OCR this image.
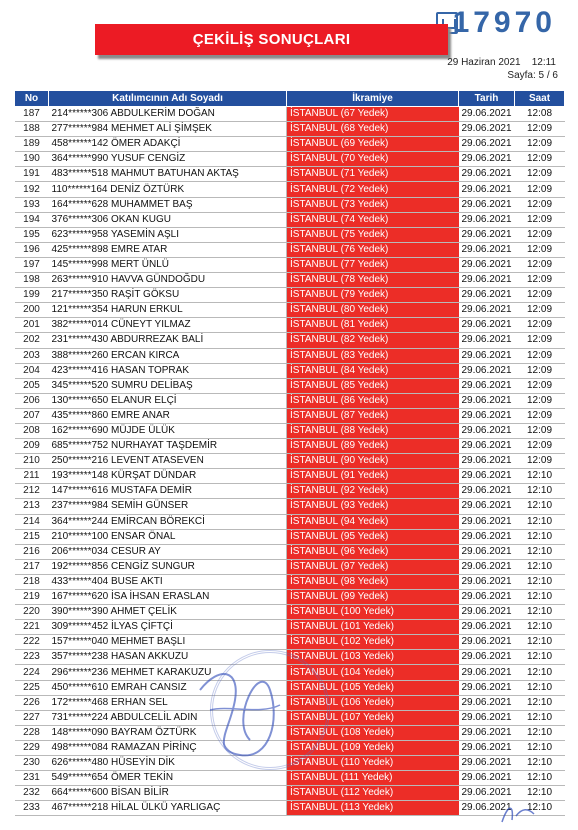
17970
ÇEKİLİŞ SONUÇLARI
29 Haziran 2021 12:11
Sayfa: 5 / 6
No	Katılımcının Adı Soyadı	İkramiye	Tarih	Saat
187	214******306 ABDULKERİM DOĞAN	İSTANBUL (67 Yedek)	29.06.2021	12:08
188	277******984 MEHMET ALİ ŞİMŞEK	İSTANBUL (68 Yedek)	29.06.2021	12:09
189	458******142 ÖMER ADAKÇİ	İSTANBUL (69 Yedek)	29.06.2021	12:09
190	364******990 YUSUF CENGİZ	İSTANBUL (70 Yedek)	29.06.2021	12:09
191	483******518 MAHMUT BATUHAN AKTAŞ	İSTANBUL (71 Yedek)	29.06.2021	12:09
192	110******164 DENİZ ÖZTÜRK	İSTANBUL (72 Yedek)	29.06.2021	12:09
193	164******628 MUHAMMET BAŞ	İSTANBUL (73 Yedek)	29.06.2021	12:09
194	376******306 OKAN KUGU	İSTANBUL (74 Yedek)	29.06.2021	12:09
195	623******958 YASEMİN AŞLI	İSTANBUL (75 Yedek)	29.06.2021	12:09
196	425******898 EMRE ATAR	İSTANBUL (76 Yedek)	29.06.2021	12:09
197	145******998 MERT ÜNLÜ	İSTANBUL (77 Yedek)	29.06.2021	12:09
198	263******910 HAVVA GÜNDOĞDU	İSTANBUL (78 Yedek)	29.06.2021	12:09
199	217******350 RAŞİT GÖKSU	İSTANBUL (79 Yedek)	29.06.2021	12:09
200	121******354 HARUN ERKUL	İSTANBUL (80 Yedek)	29.06.2021	12:09
201	382******014 CÜNEYT YILMAZ	İSTANBUL (81 Yedek)	29.06.2021	12:09
202	231******430 ABDURREZAK BALİ	İSTANBUL (82 Yedek)	29.06.2021	12:09
203	388******260 ERCAN KIRCA	İSTANBUL (83 Yedek)	29.06.2021	12:09
204	423******416 HASAN TOPRAK	İSTANBUL (84 Yedek)	29.06.2021	12:09
205	345******520 SUMRU DELİBAŞ	İSTANBUL (85 Yedek)	29.06.2021	12:09
206	130******650 ELANUR ELÇİ	İSTANBUL (86 Yedek)	29.06.2021	12:09
207	435******860 EMRE ANAR	İSTANBUL (87 Yedek)	29.06.2021	12:09
208	162******690 MÜJDE ÜLÜK	İSTANBUL (88 Yedek)	29.06.2021	12:09
209	685******752 NURHAYAT TAŞDEMİR	İSTANBUL (89 Yedek)	29.06.2021	12:09
210	250******216 LEVENT ATASEVEN	İSTANBUL (90 Yedek)	29.06.2021	12:09
211	193******148 KÜRŞAT DÜNDAR	İSTANBUL (91 Yedek)	29.06.2021	12:10
212	147******616 MUSTAFA DEMİR	İSTANBUL (92 Yedek)	29.06.2021	12:10
213	237******984 SEMİH GÜNSER	İSTANBUL (93 Yedek)	29.06.2021	12:10
214	364******244 EMİRCAN BÖREKCİ	İSTANBUL (94 Yedek)	29.06.2021	12:10
215	210******100 ENSAR ÖNAL	İSTANBUL (95 Yedek)	29.06.2021	12:10
216	206******034 CESUR AY	İSTANBUL (96 Yedek)	29.06.2021	12:10
217	192******856 CENGİZ SUNGUR	İSTANBUL (97 Yedek)	29.06.2021	12:10
218	433******404 BUSE AKTI	İSTANBUL (98 Yedek)	29.06.2021	12:10
219	167******620 İSA İHSAN ERASLAN	İSTANBUL (99 Yedek)	29.06.2021	12:10
220	390******390 AHMET ÇELİK	İSTANBUL (100 Yedek)	29.06.2021	12:10
221	309******452 İLYAS ÇİFTÇİ	İSTANBUL (101 Yedek)	29.06.2021	12:10
222	157******040 MEHMET BAŞLI	İSTANBUL (102 Yedek)	29.06.2021	12:10
223	357******238 HASAN AKKUZU	İSTANBUL (103 Yedek)	29.06.2021	12:10
224	296******236 MEHMET KARAKUZU	İSTANBUL (104 Yedek)	29.06.2021	12:10
225	450******610 EMRAH CANSIZ	İSTANBUL (105 Yedek)	29.06.2021	12:10
226	172******468 ERHAN SEL	İSTANBUL (106 Yedek)	29.06.2021	12:10
227	731******224 ABDULCELİL ADIN	İSTANBUL (107 Yedek)	29.06.2021	12:10
228	148******090 BAYRAM ÖZTÜRK	İSTANBUL (108 Yedek)	29.06.2021	12:10
229	498******084 RAMAZAN PİRİNÇ	İSTANBUL (109 Yedek)	29.06.2021	12:10
230	626******480 HÜSEYİN DİK	İSTANBUL (110 Yedek)	29.06.2021	12:10
231	549******654 ÖMER TEKİN	İSTANBUL (111 Yedek)	29.06.2021	12:10
232	664******600 BİSAN BİLİR	İSTANBUL (112 Yedek)	29.06.2021	12:10
233	467******218 HİLAL ÜLKÜ YARLIGAÇ	İSTANBUL (113 Yedek)	29.06.2021	12:10
